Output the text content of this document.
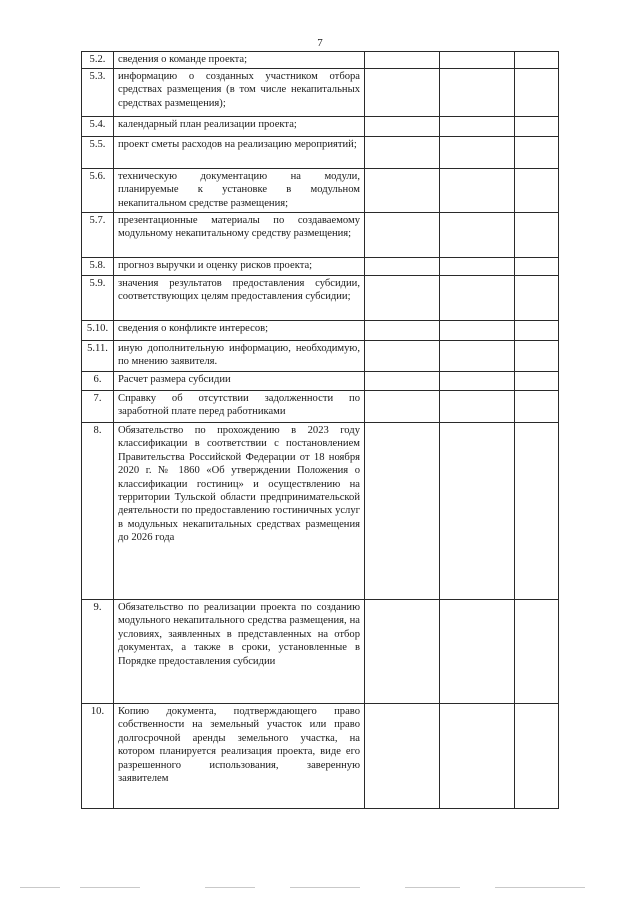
7
5.2.	сведения о команде проекта;			
5.3.	информацию о созданных участником отбора средствах размещения (в том числе некапитальных средствах размещения);			
5.4.	календарный план реализации проекта;			
5.5.	проект сметы расходов на реализацию мероприятий;			
5.6.	техническую документацию на модули, планируемые к установке в модульном некапитальном средстве размещения;			
5.7.	презентационные материалы по создаваемому модульному некапитальному средству размещения;			
5.8.	прогноз выручки и оценку рисков проекта;			
5.9.	значения результатов предоставления субсидии, соответствующих целям предоставления субсидии;			
5.10.	сведения о конфликте интересов;			
5.11.	иную дополнительную информацию, необходимую, по мнению заявителя.			
6.	Расчет размера субсидии			
7.	Справку об отсутствии задолженности по заработной плате перед работниками			
8.	Обязательство по прохождению в 2023 году классификации в соответствии с постановлением Правительства Российской Федерации от 18 ноября 2020 г. № 1860 «Об утверждении Положения о классификации гостиниц» и осуществлению на территории Тульской области предпринимательской деятельности по предоставлению гостиничных услуг в модульных некапитальных средствах размещения до 2026 года			
9.	Обязательство по реализации проекта по созданию модульного некапитального средства размещения, на условиях, заявленных в представленных на отбор документах, а также в сроки, установленные в Порядке предоставления субсидии			
10.	Копию документа, подтверждающего право собственности на земельный участок или право долгосрочной аренды земельного участка, на котором планируется реализация проекта, виде его разрешенного использования, заверенную заявителем			
